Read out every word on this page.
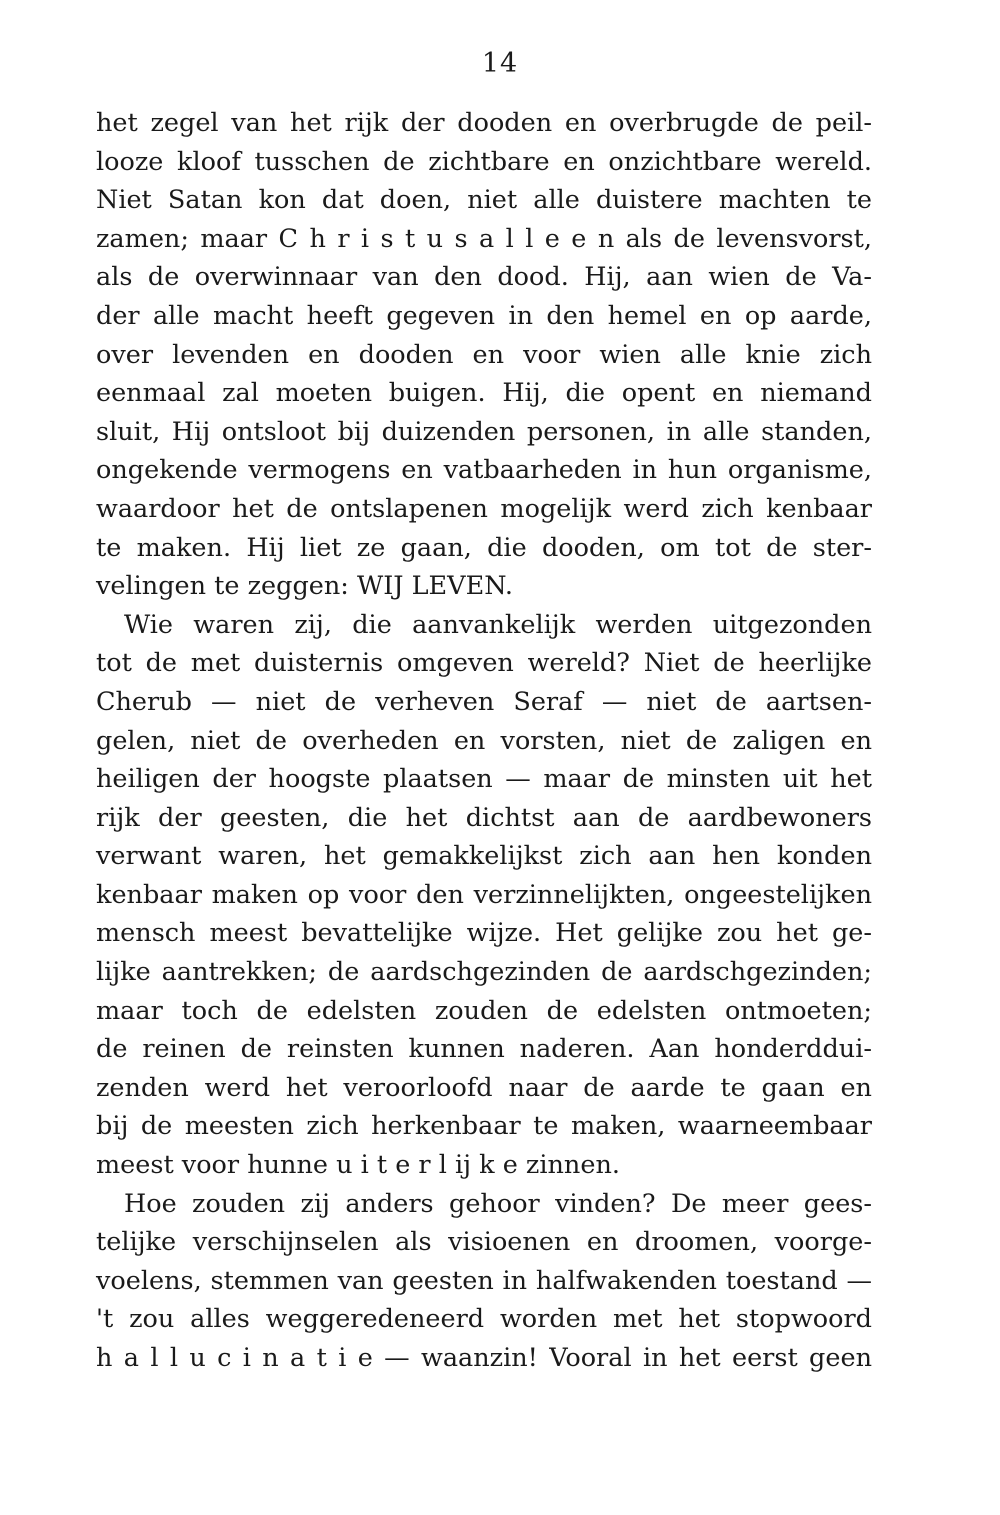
14
het zegel van het rijk der dooden en overbrugde de peil-
looze kloof tusschen de zichtbare en onzichtbare wereld.
Niet Satan kon dat doen, niet alle duistere machten te
zamen; maar C h r i s t u s a l l e e n als de levensvorst,
als de overwinnaar van den dood. Hij, aan wien de Va-
der alle macht heeft gegeven in den hemel en op aarde,
over levenden en dooden en voor wien alle knie zich
eenmaal zal moeten buigen. Hij, die opent en niemand
sluit, Hij ontsloot bij duizenden personen, in alle standen,
ongekende vermogens en vatbaarheden in hun organisme,
waardoor het de ontslapenen mogelijk werd zich kenbaar
te maken. Hij liet ze gaan, die dooden, om tot de ster-
velingen te zeggen: WIJ LEVEN.
Wie waren zij, die aanvankelijk werden uitgezonden
tot de met duisternis omgeven wereld? Niet de heerlijke
Cherub — niet de verheven Seraf — niet de aartsen-
gelen, niet de overheden en vorsten, niet de zaligen en
heiligen der hoogste plaatsen — maar de minsten uit het
rijk der geesten, die het dichtst aan de aardbewoners
verwant waren, het gemakkelijkst zich aan hen konden
kenbaar maken op voor den verzinnelijkten, ongeestelijken
mensch meest bevattelijke wijze. Het gelijke zou het ge-
lijke aantrekken; de aardschgezinden de aardschgezinden;
maar toch de edelsten zouden de edelsten ontmoeten;
de reinen de reinsten kunnen naderen. Aan honderddui-
zenden werd het veroorloofd naar de aarde te gaan en
bij de meesten zich herkenbaar te maken, waarneembaar
meest voor hunne u i t e r l ij k e zinnen.
Hoe zouden zij anders gehoor vinden? De meer gees-
telijke verschijnselen als visioenen en droomen, voorge-
voelens, stemmen van geesten in halfwakenden toestand —
't zou alles weggeredeneerd worden met het stopwoord
h a l l u c i n a t i e — waanzin! Vooral in het eerst geen
